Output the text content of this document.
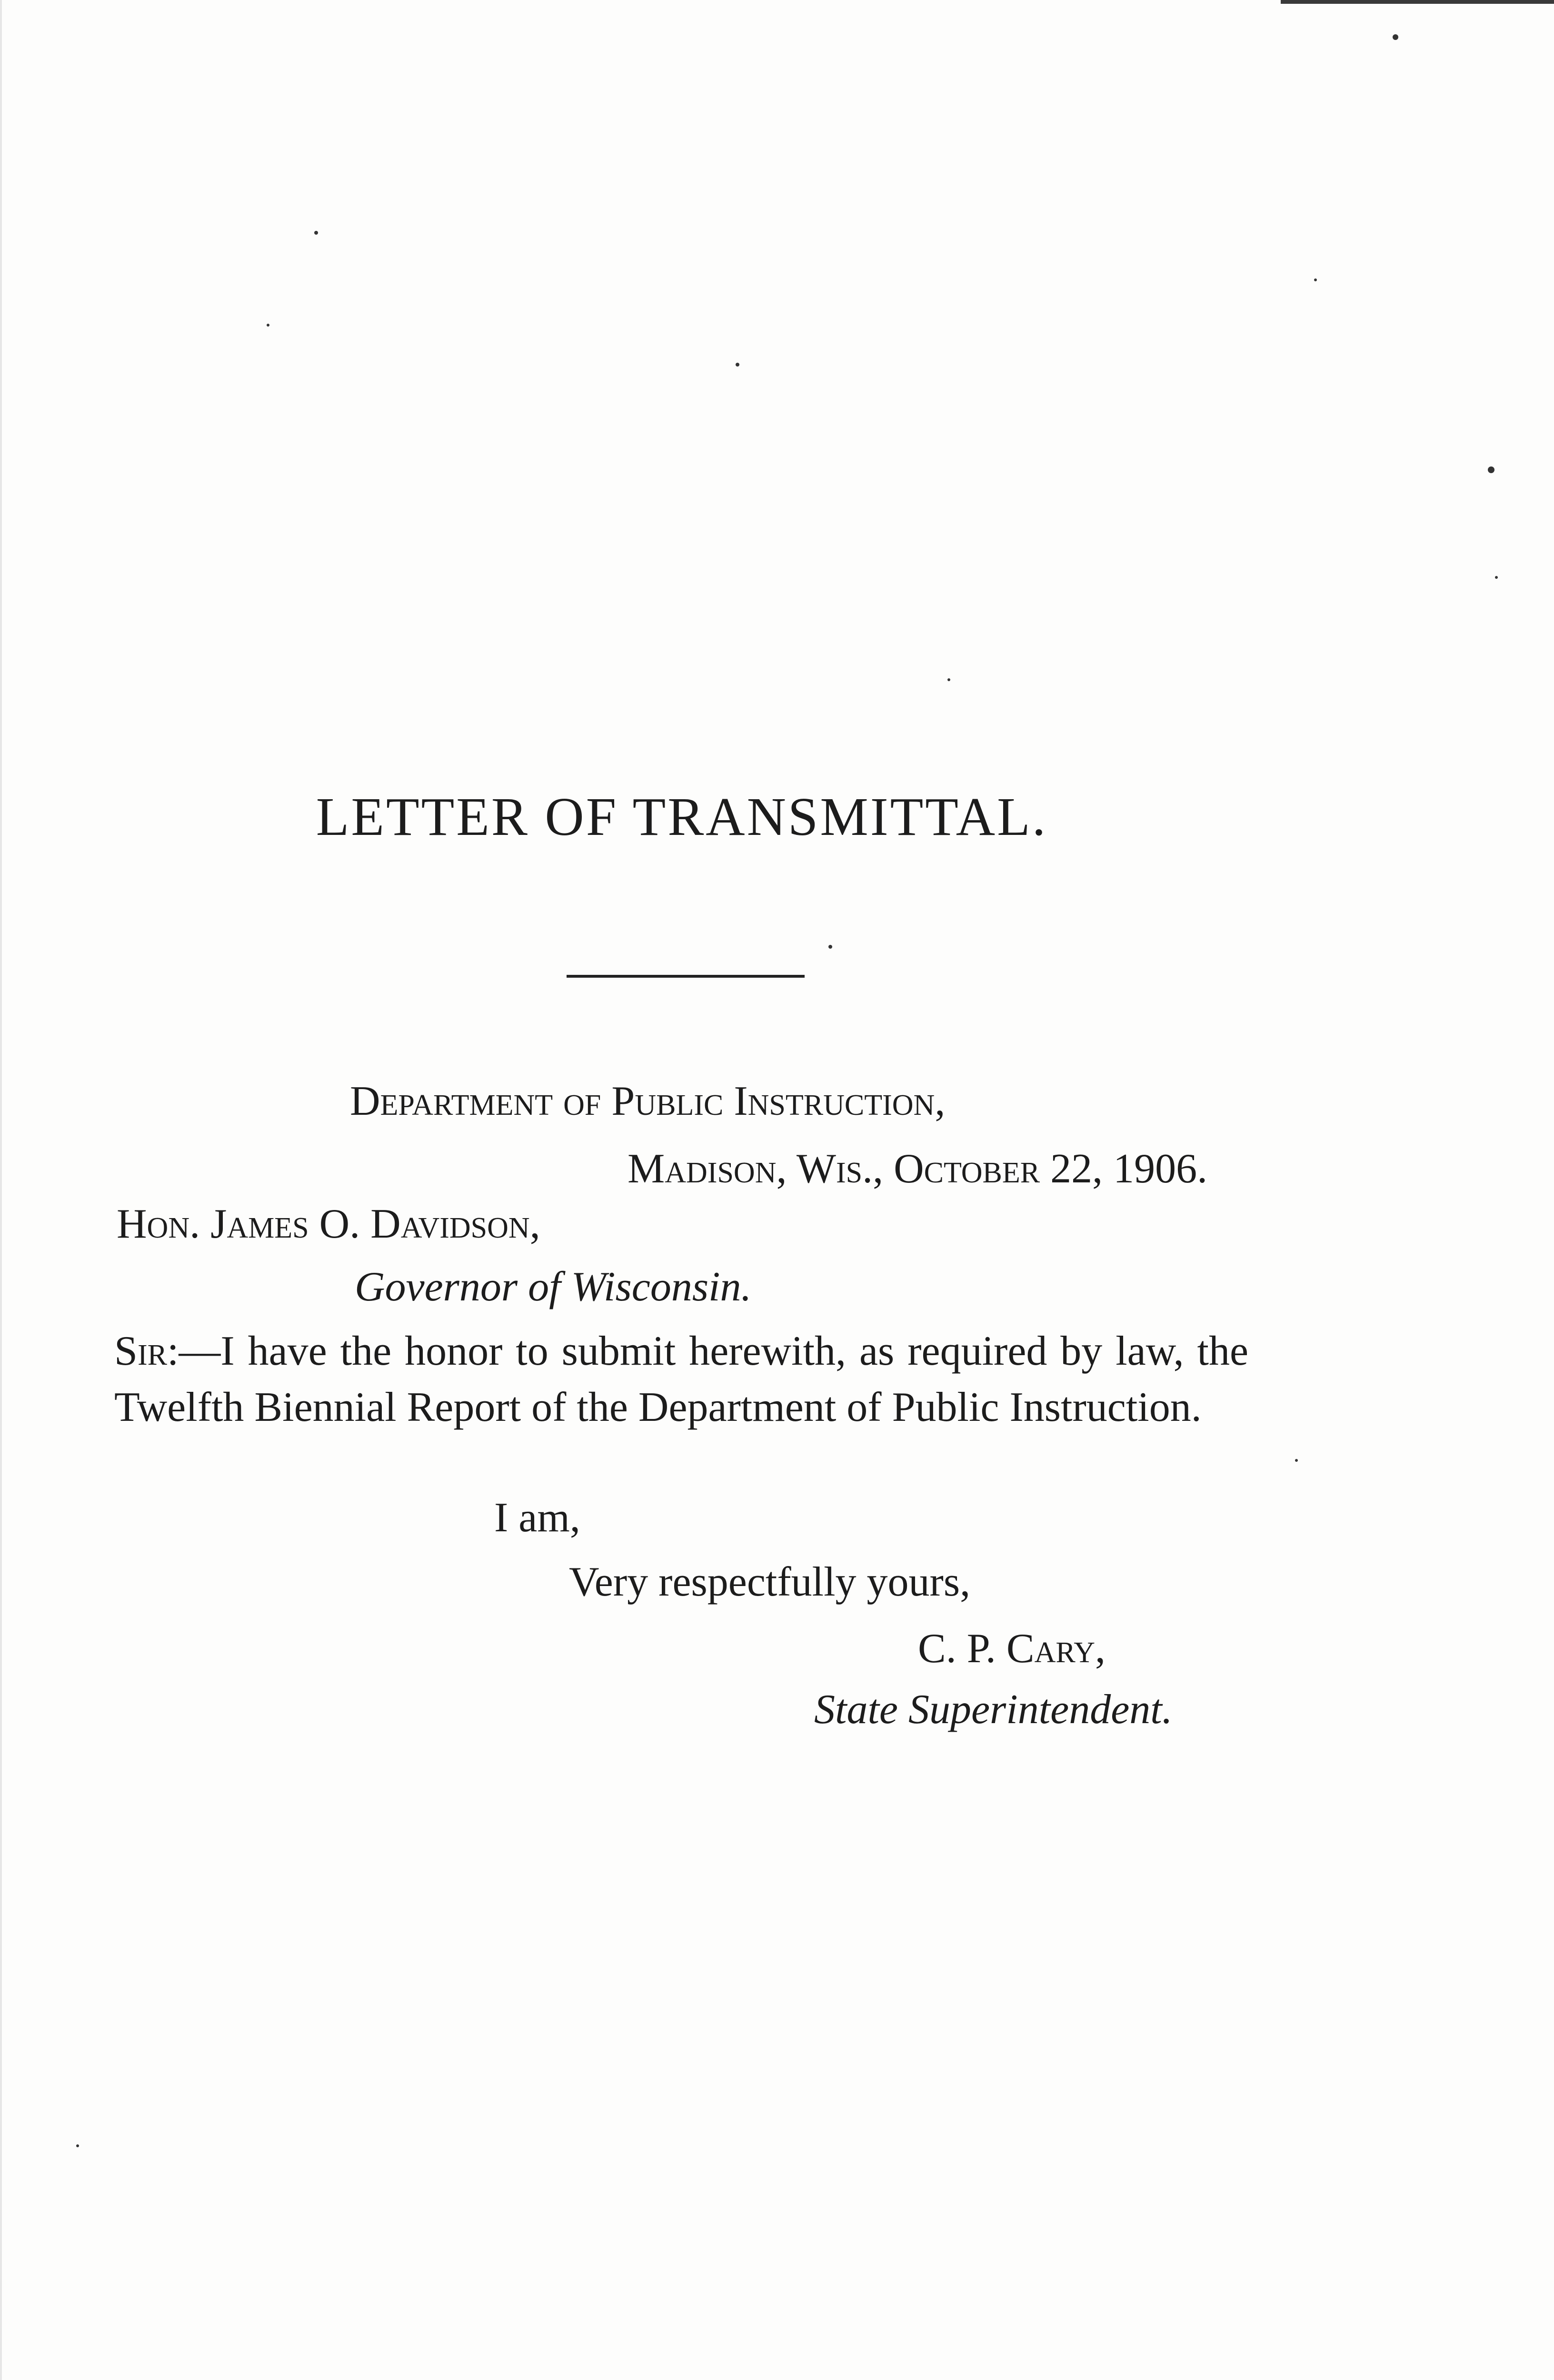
LETTER OF TRANSMITTAL.
Department of Public Instruction,
Madison, Wis., October 22, 1906.
Hon. James O. Davidson,
Governor of Wisconsin.
Sir:—I have the honor to submit herewith, as required by law, the Twelfth Biennial Report of the Department of Public Instruction.
I am,
Very respectfully yours,
C. P. Cary,
State Superintendent.
